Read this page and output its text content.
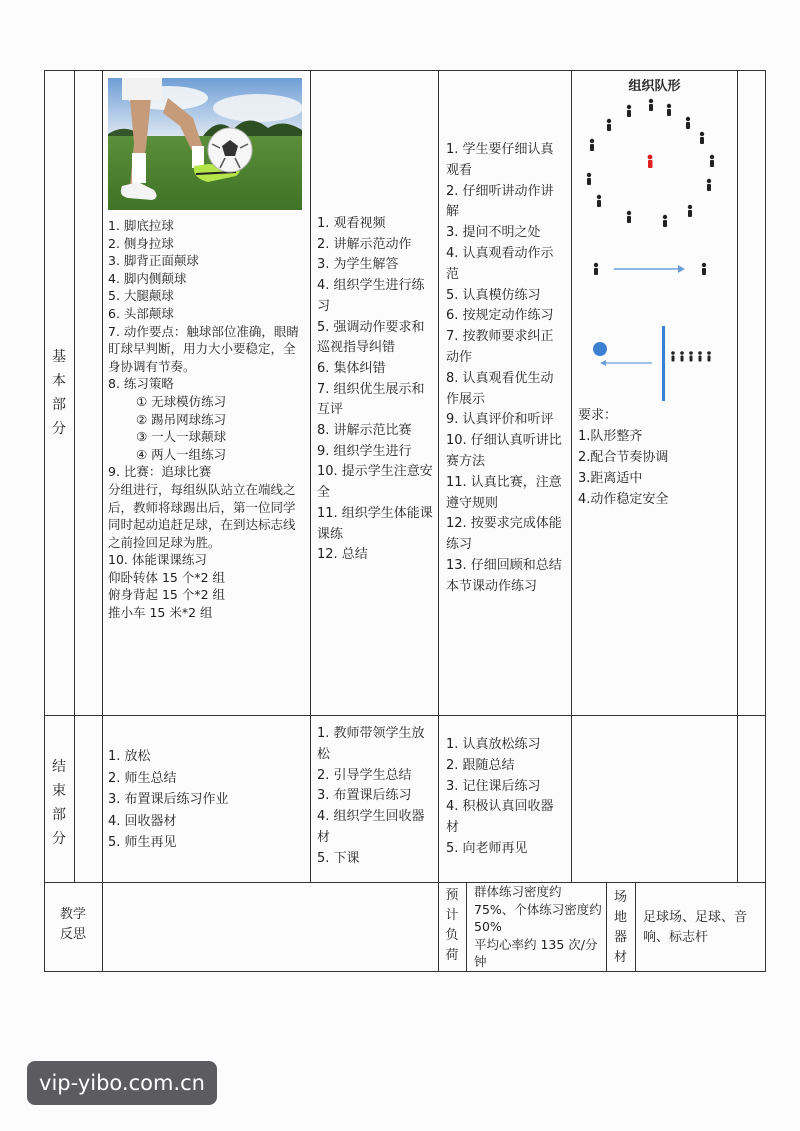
基
本
部
分
1. 脚底拉球
2. 侧身拉球
3. 脚背正面颠球
4. 脚内侧颠球
5. 大腿颠球
6. 头部颠球
7. 动作要点：触球部位准确，眼睛盯球早判断，用力大小要稳定，全身协调有节奏。
8. 练习策略
① 无球模仿练习
② 踢吊网球练习
③ 一人一球颠球
④ 两人一组练习
9. 比赛：追球比赛
分组进行，每组纵队站立在端线之后，教师将球踢出后，第一位同学同时起动追赶足球，在到达标志线之前捡回足球为胜。
10. 体能课课练习
仰卧转体 15 个*2 组
俯身背起 15 个*2 组
推小车 15 米*2 组
1. 观看视频
2. 讲解示范动作
3. 为学生解答
4. 组织学生进行练习
5. 强调动作要求和巡视指导纠错
6. 集体纠错
7. 组织优生展示和互评
8. 讲解示范比赛
9. 组织学生进行
10. 提示学生注意安全
11. 组织学生体能课课练
12. 总结
1. 学生要仔细认真观看
2. 仔细听讲动作讲解
3. 提问不明之处
4. 认真观看动作示范
5. 认真模仿练习
6. 按规定动作练习
7. 按教师要求纠正动作
8. 认真观看优生动作展示
9. 认真评价和听评
10. 仔细认真听讲比赛方法
11. 认真比赛，注意遵守规则
12. 按要求完成体能练习
13. 仔细回顾和总结本节课动作练习
组织队形
要求：
1.队形整齐
2.配合节奏协调
3.距离适中
4.动作稳定安全
结
束
部
分
1. 放松
2. 师生总结
3. 布置课后练习作业
4. 回收器材
5. 师生再见
1. 教师带领学生放松
2. 引导学生总结
3. 布置课后练习
4. 组织学生回收器材
5. 下课
1. 认真放松练习
2. 跟随总结
3. 记住课后练习
4. 积极认真回收器材
5. 向老师再见
教学
反思
预
计
负
荷
群体练习密度约 75%、个体练习密度约 50%
平均心率约 135 次/分钟
场
地
器
材
足球场、足球、音响、标志杆
vip-yibo.com.cn
